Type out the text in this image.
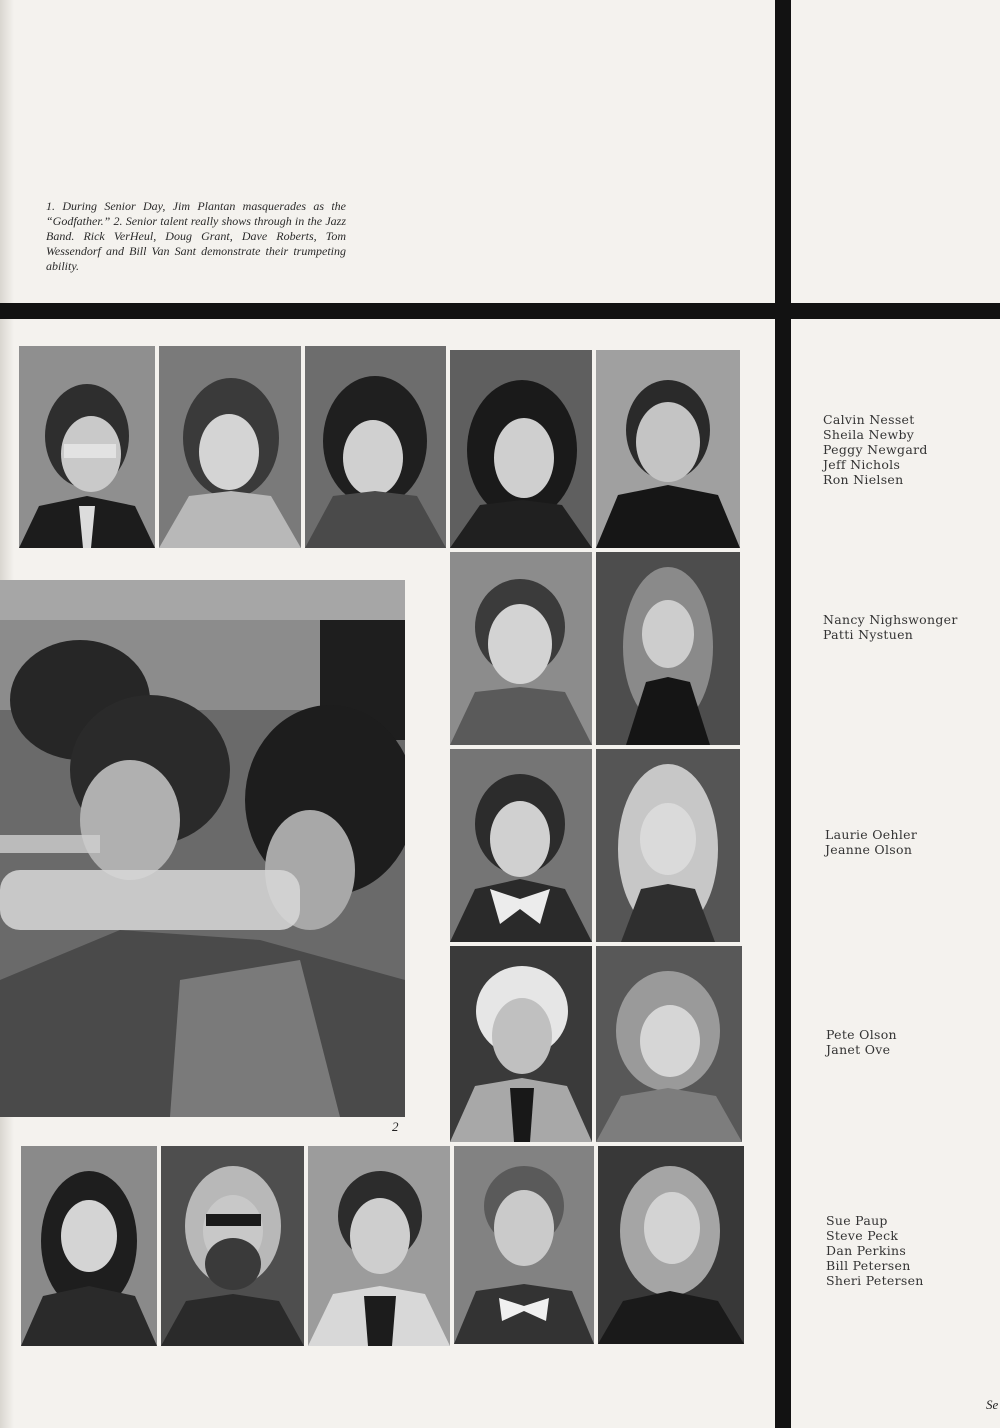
1. During Senior Day, Jim Plantan masquerades as the “Godfather.” 2. Senior talent really shows through in the Jazz Band. Rick VerHeul, Doug Grant, Dave Roberts, Tom Wessendorf and Bill Van Sant demonstrate their trumpeting ability.
2
Calvin Nesset
Sheila Newby
Peggy Newgard
Jeff Nichols
Ron Nielsen
Nancy Nighswonger
Patti Nystuen
Laurie Oehler
Jeanne Olson
Pete Olson
Janet Ove
Sue Paup
Steve Peck
Dan Perkins
Bill Petersen
Sheri Petersen
Se
